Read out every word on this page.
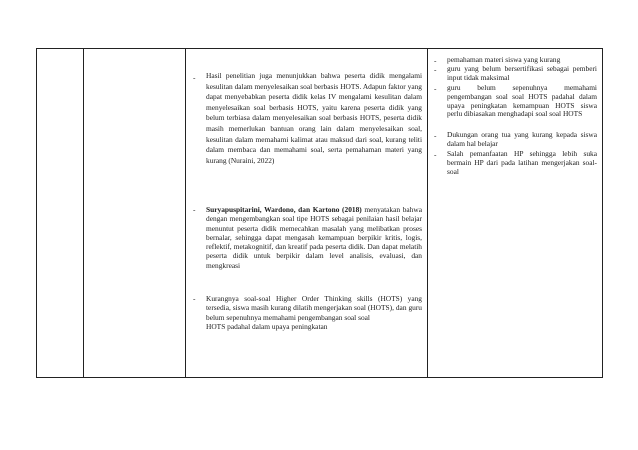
- Hasil penelitian juga menunjukkan bahwa peserta didik mengalami kesulitan dalam menyelesaikan soal berbasis HOTS. Adapun faktor yang dapat menyebabkan peserta didik kelas IV mengalami kesulitan dalam menyelesaikan soal berbasis HOTS, yaitu karena peserta didik yang belum terbiasa dalam menyelesaikan soal berbasis HOTS, peserta didik masih memerlukan bantuan orang lain dalam menyelesaikan soal, kesulitan dalam memahami kalimat atau maksud dari soal, kurang teliti dalam membaca dan memahami soal, serta pemahaman materi yang kurang (Nuraini, 2022)
- Suryapuspitarini, Wardono, dan Kartono (2018) menyatakan bahwa dengan mengembangkan soal tipe HOTS sebagai penilaian hasil belajar menuntut peserta didik memecahkan masalah yang melibatkan proses bernalar, sehingga dapat mengasah kemampuan berpikir kritis, logis, reflektif, metakognitif, dan kreatif pada peserta didik. Dan dapat melatih peserta didik untuk berpikir dalam level analisis, evaluasi, dan mengkreasi
- Kurangnya soal-soal Higher Order Thinking skills (HOTS) yang tersedia, siswa masih kurang dilatih mengerjakan soal (HOTS), dan guru belum sepenuhnya memahami pengembangan soal soal
HOTS padahal dalam upaya peningkatan
- pemahaman materi siswa yang kurang
- guru yang belum bersertifikasi sebagai pemberi input tidak maksimal
- guru belum sepenuhnya memahami pengembangan soal soal HOTS padahal dalam upaya peningkatan kemampuan HOTS siswa perlu dibiasakan menghadapi soal soal HOTS
- Dukungan orang tua yang kurang kepada siswa dalam hal belajar
- Salah pemanfaatan HP sehingga lebih suka bermain HP dari pada latihan mengerjakan soal-soal
